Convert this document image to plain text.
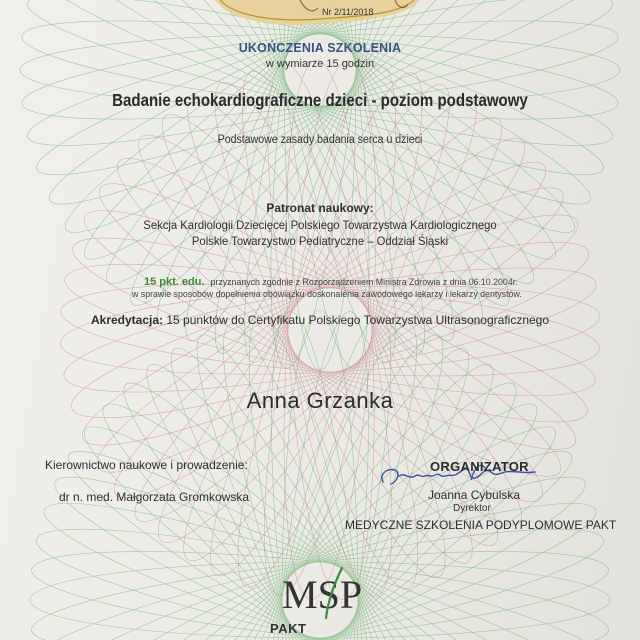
Nr 2/11/2018
UKOŃCZENIA SZKOLENIA
w wymiarze 15 godzin
Badanie echokardiograficzne dzieci - poziom podstawowy
Podstawowe zasady badania serca u dzieci
Patronat naukowy:
Sekcja Kardiologii Dziecięcej Polskiego Towarzystwa Kardiologicznego
Polskie Towarzystwo Pediatryczne – Oddział Śląski
15 pkt. edu. przyznanych zgodnie z Rozporządzeniem Ministra Zdrowia z dnia 06.10.2004r.
w sprawie sposobów dopełnienia obowiązku doskonalenia zawodowego lekarzy i lekarzy dentystów.
Akredytacja: 15 punktów do Certyfikatu Polskiego Towarzystwa Ultrasonograficznego
Anna Grzanka
Kierownictwo naukowe i prowadzenie:
dr n. med. Małgorzata Gromkowska
ORGANIZATOR
Joanna Cybulska
Dyrektor
MEDYCZNE SZKOLENIA PODYPLOMOWE PAKT
MSP
PAKT
